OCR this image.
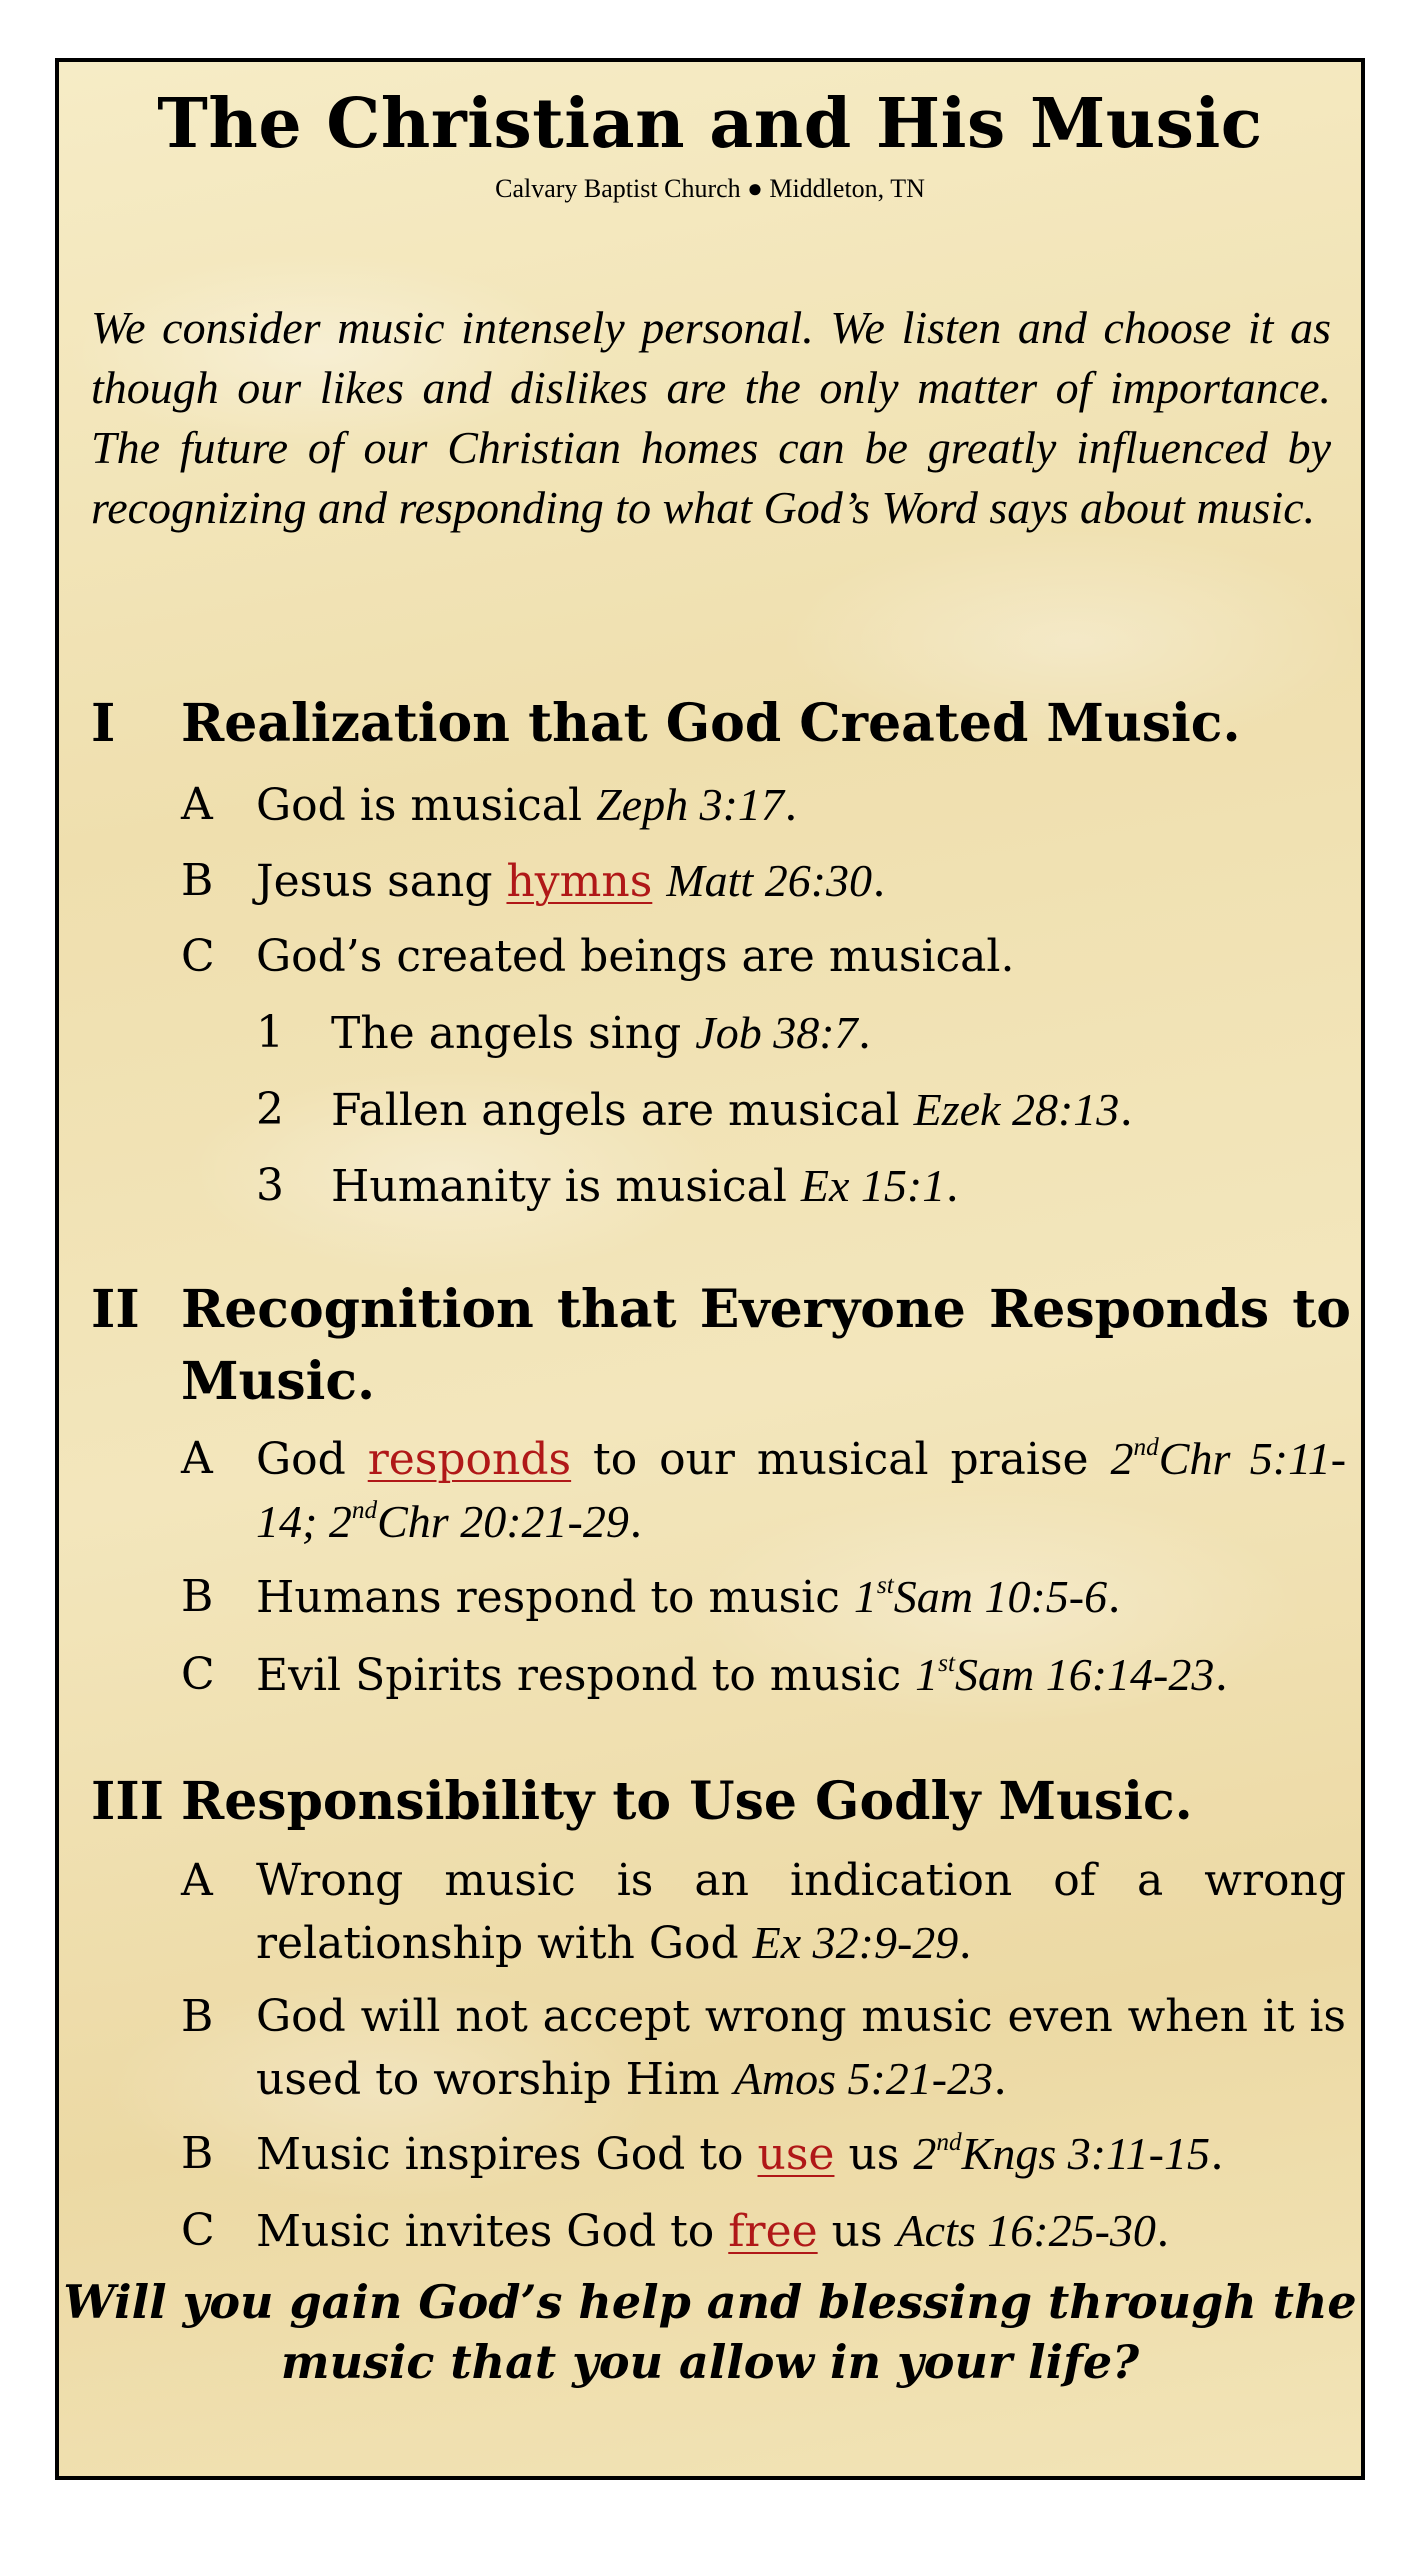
The Christian and His Music
Calvary Baptist Church ● Middleton, TN

We consider music intensely personal. We listen and choose it as though our likes and dislikes are the only matter of importance. The future of our Christian homes can be greatly influenced by recognizing and responding to what God’s Word says about music.

I Realization that God Created Music.
A God is musical Zeph 3:17.
B Jesus sang hymns Matt 26:30.
C God’s created beings are musical.
1 The angels sing Job 38:7.
2 Fallen angels are musical Ezek 28:13.
3 Humanity is musical Ex 15:1.
II Recognition that Everyone Responds to Music.
A God responds to our musical praise 2ndChr 5:11-14; 2ndChr 20:21-29.
B Humans respond to music 1stSam 10:5-6.
C Evil Spirits respond to music 1stSam 16:14-23.
III Responsibility to Use Godly Music.
A Wrong music is an indication of a wrong relationship with God Ex 32:9-29.
B God will not accept wrong music even when it is used to worship Him Amos 5:21-23.
B Music inspires God to use us 2ndKngs 3:11-15.
C Music invites God to free us Acts 16:25-30.

Will you gain God’s help and blessing through the music that you allow in your life?
